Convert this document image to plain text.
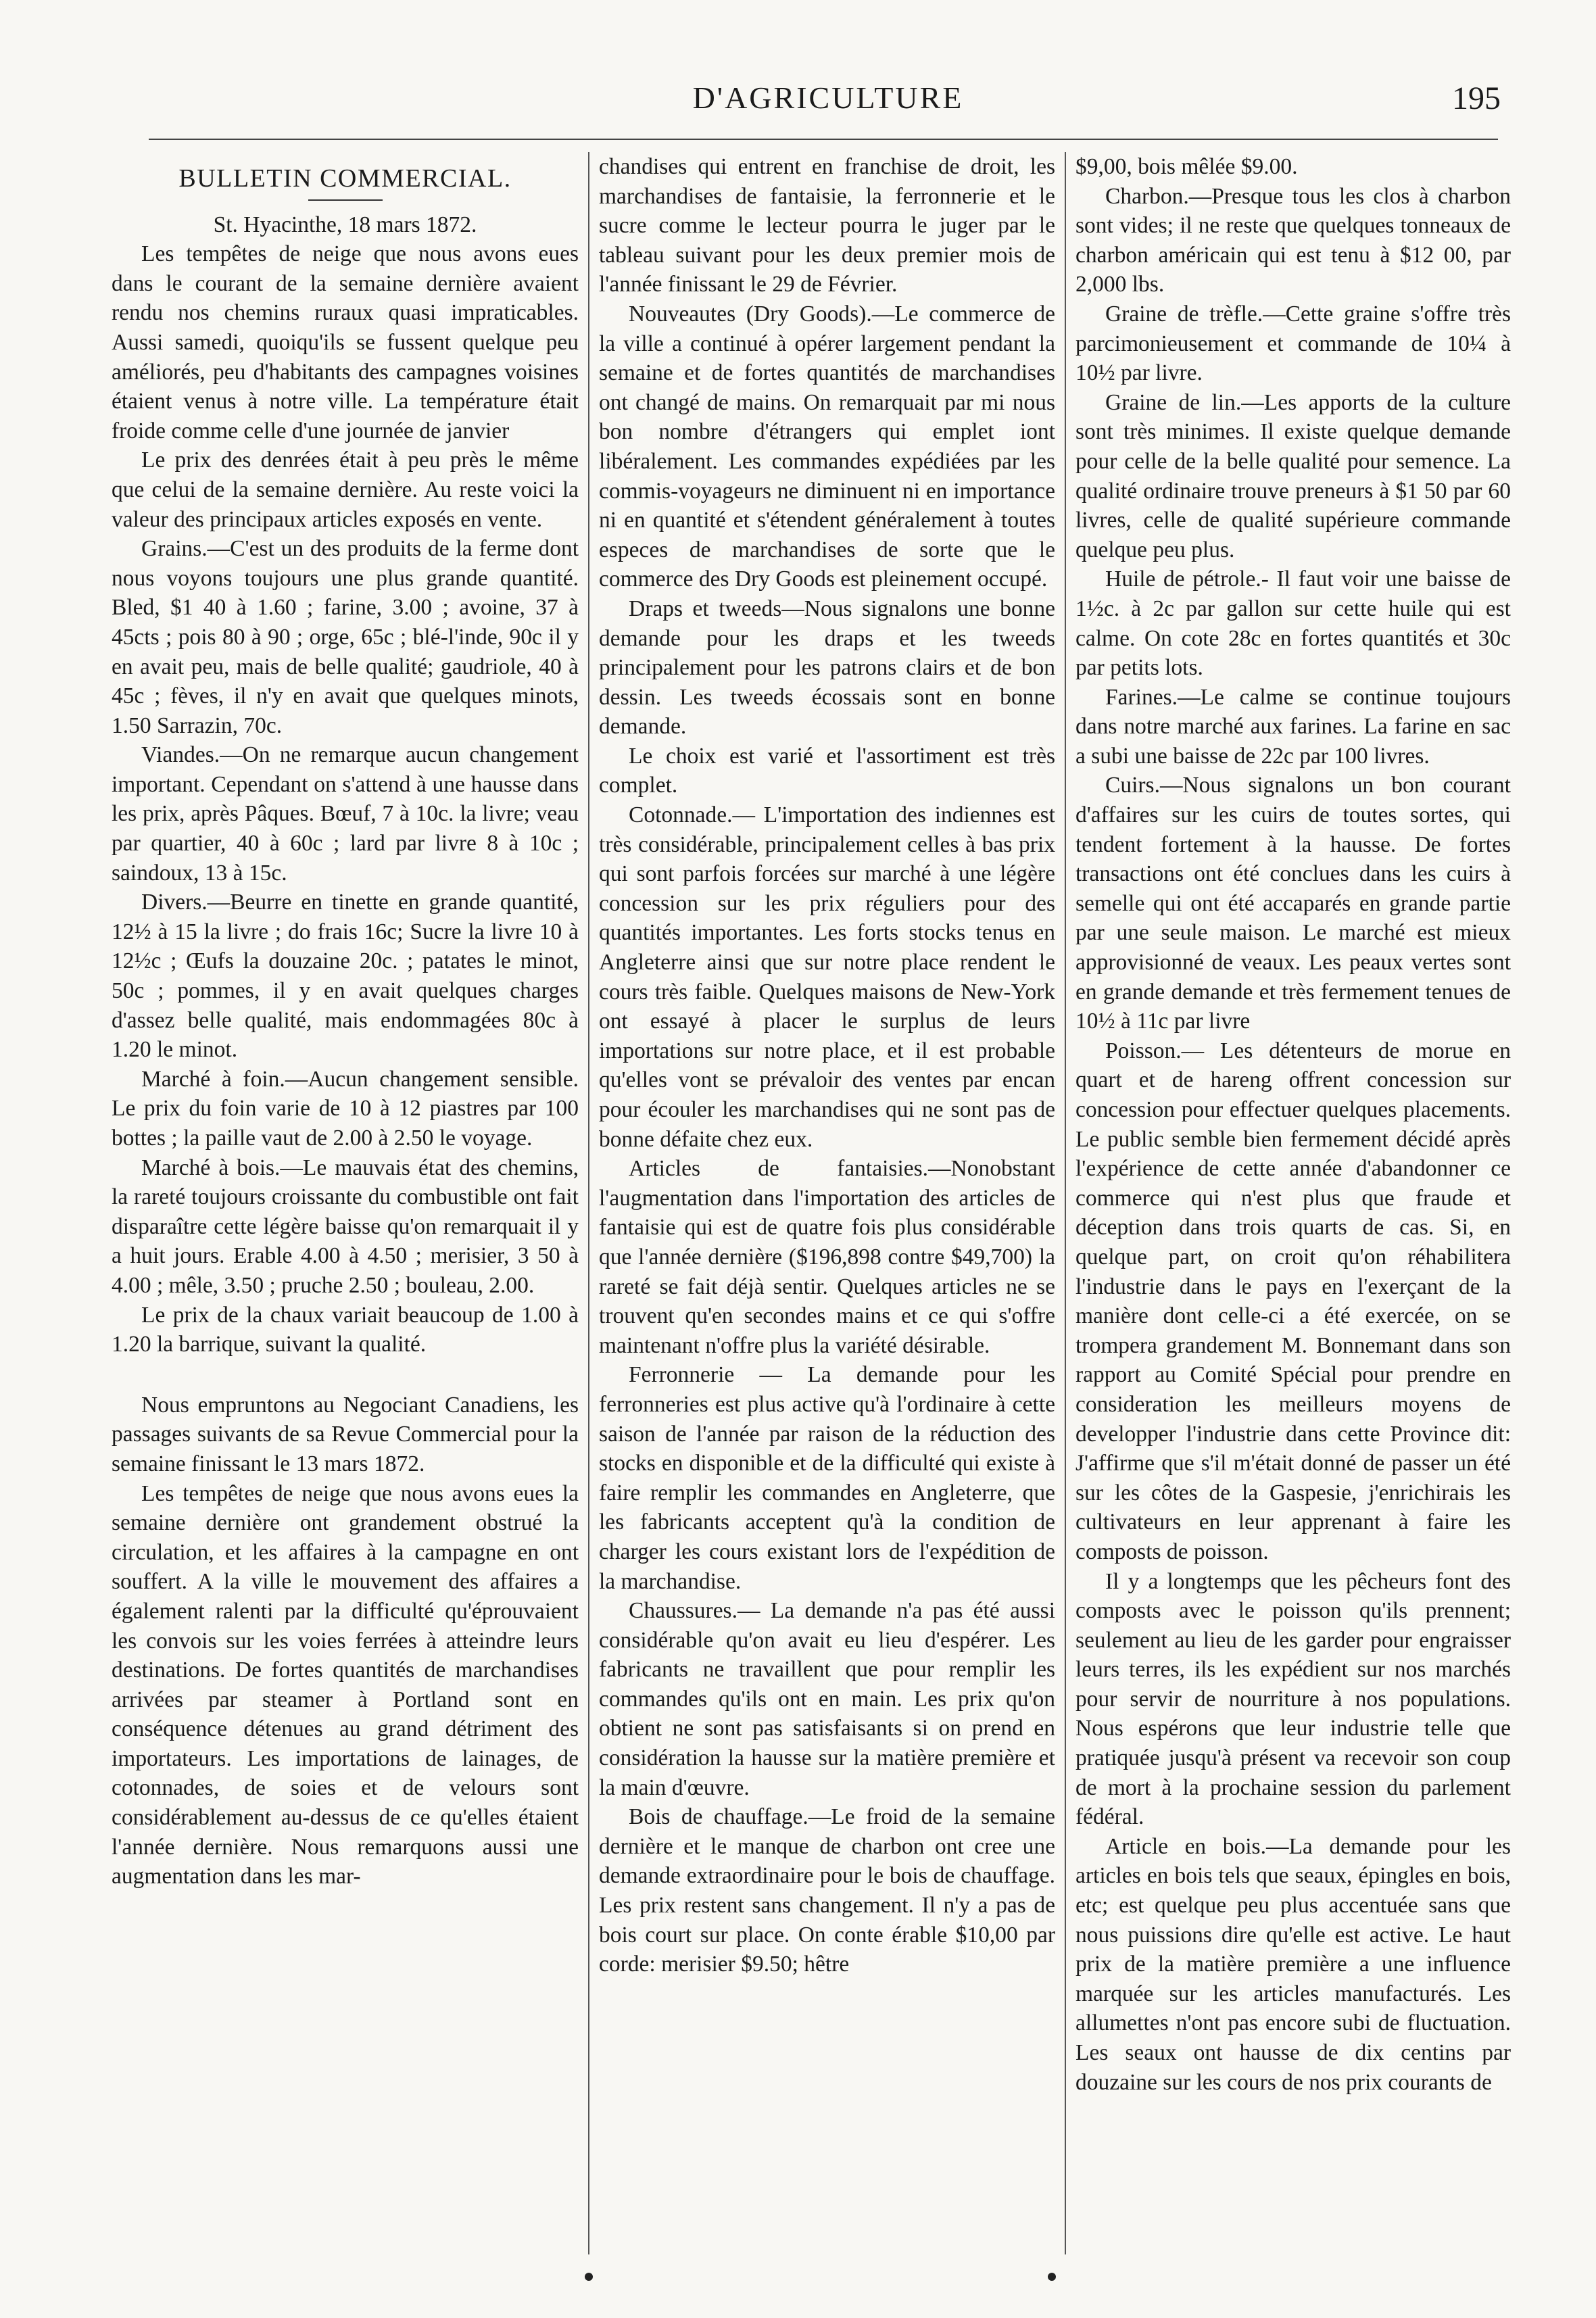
D'AGRICULTURE	195
BULLETIN COMMERCIAL.

St. Hyacinthe, 18 mars 1872.

Les tempêtes de neige que nous avons eues dans le courant de la semaine dernière avaient rendu nos chemins ruraux quasi impraticables. Aussi samedi, quoiqu'ils se fussent quelque peu améliorés, peu d'habitants des campagnes voisines étaient venus à notre ville. La température était froide comme celle d'une journée de janvier

Le prix des denrées était à peu près le même que celui de la semaine dernière. Au reste voici la valeur des principaux articles exposés en vente.

Grains.—C'est un des produits de la ferme dont nous voyons toujours une plus grande quantité. Bled, $1 40 à 1.60 ; farine, 3.00 ; avoine, 37 à 45cts ; pois 80 à 90 ; orge, 65c ; blé-l'inde, 90c il y en avait peu, mais de belle qualité; gaudriole, 40 à 45c ; fèves, il n'y en avait que quelques minots, 1.50 Sarrazin, 70c.

Viandes.—On ne remarque aucun changement important. Cependant on s'attend à une hausse dans les prix, après Pâques. Bœuf, 7 à 10c. la livre; veau par quartier, 40 à 60c ; lard par livre 8 à 10c ; saindoux, 13 à 15c.

Divers.—Beurre en tinette en grande quantité, 12½ à 15 la livre ; do frais 16c; Sucre la livre 10 à 12½c ; Œufs la douzaine 20c. ; patates le minot, 50c ; pommes, il y en avait quelques charges d'assez belle qualité, mais endommagées 80c à 1.20 le minot.

Marché à foin.—Aucun changement sensible. Le prix du foin varie de 10 à 12 piastres par 100 bottes ; la paille vaut de 2.00 à 2.50 le voyage.

Marché à bois.—Le mauvais état des chemins, la rareté toujours croissante du combustible ont fait disparaître cette légère baisse qu'on remarquait il y a huit jours. Erable 4.00 à 4.50 ; merisier, 3 50 à 4.00 ; mêle, 3.50 ; pruche 2.50 ; bouleau, 2.00.

Le prix de la chaux variait beaucoup de 1.00 à 1.20 la barrique, suivant la qualité.

Nous empruntons au Negociant Canadiens, les passages suivants de sa Revue Commercial pour la semaine finissant le 13 mars 1872.

Les tempêtes de neige que nous avons eues la semaine dernière ont grandement obstrué la circulation, et les affaires à la campagne en ont souffert. A la ville le mouvement des affaires a également ralenti par la difficulté qu'éprouvaient les convois sur les voies ferrées à atteindre leurs destinations. De fortes quantités de marchandises arrivées par steamer à Portland sont en conséquence détenues au grand détriment des importateurs. Les importations de lainages, de cotonnades, de soies et de velours sont considérablement au-dessus de ce qu'elles étaient l'année dernière. Nous remarquons aussi une augmentation dans les mar-

chandises qui entrent en franchise de droit, les marchandises de fantaisie, la ferronnerie et le sucre comme le lecteur pourra le juger par le tableau suivant pour les deux premier mois de l'année finissant le 29 de Février.

Nouveautes (Dry Goods).—Le commerce de la ville a continué à opérer largement pendant la semaine et de fortes quantités de marchandises ont changé de mains. On remarquait par mi nous bon nombre d'étrangers qui emplet iont libéralement. Les commandes expédiées par les commis-voyageurs ne diminuent ni en importance ni en quantité et s'étendent généralement à toutes especes de marchandises de sorte que le commerce des Dry Goods est pleinement occupé.

Draps et tweeds—Nous signalons une bonne demande pour les draps et les tweeds principalement pour les patrons clairs et de bon dessin. Les tweeds écossais sont en bonne demande.

Le choix est varié et l'assortiment est très complet.

Cotonnade.— L'importation des indiennes est très considérable, principalement celles à bas prix qui sont parfois forcées sur marché à une légère concession sur les prix réguliers pour des quantités importantes. Les forts stocks tenus en Angleterre ainsi que sur notre place rendent le cours très faible. Quelques maisons de New-York ont essayé à placer le surplus de leurs importations sur notre place, et il est probable qu'elles vont se prévaloir des ventes par encan pour écouler les marchandises qui ne sont pas de bonne défaite chez eux.

Articles de fantaisies.—Nonobstant l'augmentation dans l'importation des articles de fantaisie qui est de quatre fois plus considérable que l'année dernière ($196,898 contre $49,700) la rareté se fait déjà sentir. Quelques articles ne se trouvent qu'en secondes mains et ce qui s'offre maintenant n'offre plus la variété désirable.

Ferronnerie — La demande pour les ferronneries est plus active qu'à l'ordinaire à cette saison de l'année par raison de la réduction des stocks en disponible et de la difficulté qui existe à faire remplir les commandes en Angleterre, que les fabricants acceptent qu'à la condition de charger les cours existant lors de l'expédition de la marchandise.

Chaussures.— La demande n'a pas été aussi considérable qu'on avait eu lieu d'espérer. Les fabricants ne travaillent que pour remplir les commandes qu'ils ont en main. Les prix qu'on obtient ne sont pas satisfaisants si on prend en considération la hausse sur la matière première et la main d'œuvre.

Bois de chauffage.—Le froid de la semaine dernière et le manque de charbon ont cree une demande extraordinaire pour le bois de chauffage. Les prix restent sans changement. Il n'y a pas de bois court sur place. On conte érable $10,00 par corde: merisier $9.50; hêtre

$9,00, bois mêlée $9.00.

Charbon.—Presque tous les clos à charbon sont vides; il ne reste que quelques tonneaux de charbon américain qui est tenu à $12 00, par 2,000 lbs.

Graine de trèfle.—Cette graine s'offre très parcimonieusement et commande de 10¼ à 10½ par livre.

Graine de lin.—Les apports de la culture sont très minimes. Il existe quelque demande pour celle de la belle qualité pour semence. La qualité ordinaire trouve preneurs à $1 50 par 60 livres, celle de qualité supérieure commande quelque peu plus.

Huile de pétrole.- Il faut voir une baisse de 1½c. à 2c par gallon sur cette huile qui est calme. On cote 28c en fortes quantités et 30c par petits lots.

Farines.—Le calme se continue toujours dans notre marché aux farines. La farine en sac a subi une baisse de 22c par 100 livres.

Cuirs.—Nous signalons un bon courant d'affaires sur les cuirs de toutes sortes, qui tendent fortement à la hausse. De fortes transactions ont été conclues dans les cuirs à semelle qui ont été accaparés en grande partie par une seule maison. Le marché est mieux approvisionné de veaux. Les peaux vertes sont en grande demande et très fermement tenues de 10½ à 11c par livre

Poisson.— Les détenteurs de morue en quart et de hareng offrent concession sur concession pour effectuer quelques placements. Le public semble bien fermement décidé après l'expérience de cette année d'abandonner ce commerce qui n'est plus que fraude et déception dans trois quarts de cas. Si, en quelque part, on croit qu'on réhabilitera l'industrie dans le pays en l'exerçant de la manière dont celle-ci a été exercée, on se trompera grandement M. Bonnemant dans son rapport au Comité Spécial pour prendre en consideration les meilleurs moyens de developper l'industrie dans cette Province dit: J'affirme que s'il m'était donné de passer un été sur les côtes de la Gaspesie, j'enrichirais les cultivateurs en leur apprenant à faire les composts de poisson.

Il y a longtemps que les pêcheurs font des composts avec le poisson qu'ils prennent; seulement au lieu de les garder pour engraisser leurs terres, ils les expédient sur nos marchés pour servir de nourriture à nos populations. Nous espérons que leur industrie telle que pratiquée jusqu'à présent va recevoir son coup de mort à la prochaine session du parlement fédéral.

Article en bois.—La demande pour les articles en bois tels que seaux, épingles en bois, etc; est quelque peu plus accentuée sans que nous puissions dire qu'elle est active. Le haut prix de la matière première a une influence marquée sur les articles manufacturés. Les allumettes n'ont pas encore subi de fluctuation. Les seaux ont hausse de dix centins par douzaine sur les cours de nos prix courants de
